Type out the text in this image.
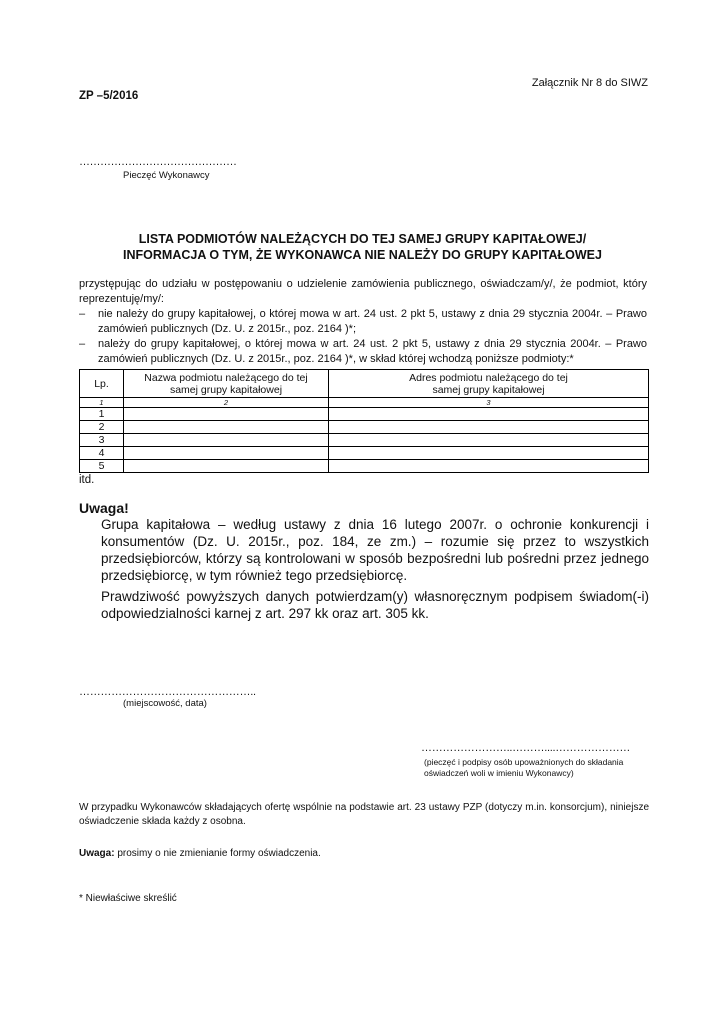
Załącznik Nr 8 do SIWZ
ZP –5/2016
………………………………………
Pieczęć Wykonawcy
LISTA PODMIOTÓW NALEŻĄCYCH DO TEJ SAMEJ GRUPY KAPITAŁOWEJ/
INFORMACJA O TYM, ŻE WYKONAWCA NIE NALEŻY DO GRUPY KAPITAŁOWEJ
przystępując do udziału w postępowaniu o udzielenie zamówienia publicznego, oświadczam/y/, że podmiot, który reprezentuję/my/:
– nie należy do grupy kapitałowej, o której mowa w art. 24 ust. 2 pkt 5, ustawy z dnia 29 stycznia 2004r. – Prawo zamówień publicznych (Dz. U. z 2015r., poz. 2164 )*;
– należy do grupy kapitałowej, o której mowa w art. 24 ust. 2 pkt 5, ustawy z dnia 29 stycznia 2004r. – Prawo zamówień publicznych (Dz. U. z 2015r., poz. 2164 )*, w skład której wchodzą poniższe podmioty:*
Lp.	Nazwa podmiotu należącego do tej samej grupy kapitałowej	Adres podmiotu należącego do tej samej grupy kapitałowej
1	2	3
1		
2		
3		
4		
5		
itd.
Uwaga!
Grupa kapitałowa – według ustawy z dnia 16 lutego 2007r. o ochronie konkurencji i konsumentów (Dz. U. 2015r., poz. 184, ze zm.) – rozumie się przez to wszystkich przedsiębiorców, którzy są kontrolowani w sposób bezpośredni lub pośredni przez jednego przedsiębiorcę, w tym również tego przedsiębiorcę.
Prawdziwość powyższych danych potwierdzam(y) własnoręcznym podpisem świadom(-i) odpowiedzialności karnej z art. 297 kk oraz art. 305 kk.
…………………………………………..
(miejscowość, data)
……………………..………....…………………
(pieczęć i podpisy osób upoważnionych do składania
oświadczeń woli w imieniu Wykonawcy)
W przypadku Wykonawców składających ofertę wspólnie na podstawie art. 23 ustawy PZP (dotyczy m.in. konsorcjum), niniejsze oświadczenie składa każdy z osobna.
Uwaga: prosimy o nie zmienianie formy oświadczenia.
* Niewłaściwe skreślić
